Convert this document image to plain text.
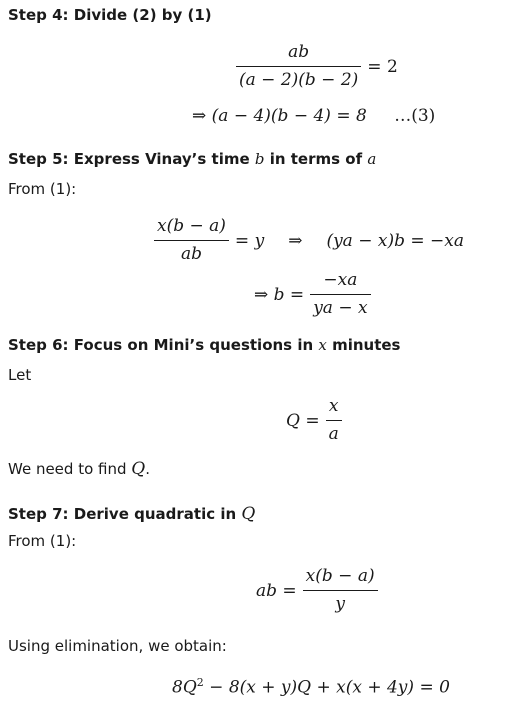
Step 4: Divide (2) by (1)
$\frac{ab}{(a - 2)(b - 2)} = 2$
⇒ (a − 4)(b − 4) = 8 …(3)
Step 5: Express Vinay’s time b in terms of a
From (1):
$\frac{x(b - a)}{ab} = y$ ⇒ (ya − x)b = −xa
⇒ $b = \frac{-xa}{ya - x}$
Step 6: Focus on Mini’s questions in x minutes
Let
$Q = \frac{x}{a}$
We need to find Q.
Step 7: Derive quadratic in Q
From (1):
ab = $\frac{x(b - a)}{y}$
Using elimination, we obtain:
$8Q^2 - 8(x + y)Q + x(x + 4y) = 0$
